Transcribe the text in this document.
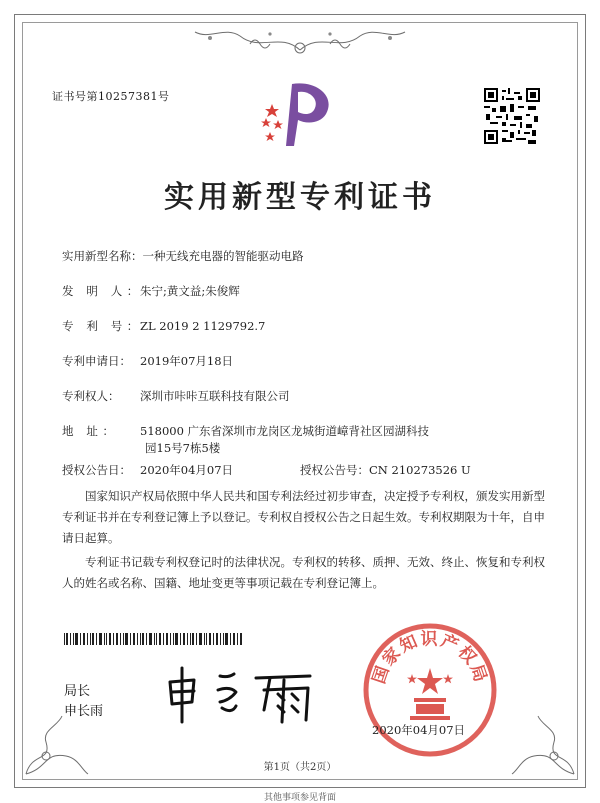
证书号第10257381号
实用新型专利证书
实用新型名称：一种无线充电器的智能驱动电路
发 明 人：朱宁;黄文益;朱俊辉
专 利 号：ZL 2019 2 1129792.7
专利申请日： 2019年07月18日
专利权人： 深圳市咔咔互联科技有限公司
地 址： 518000 广东省深圳市龙岗区龙城街道嶂背社区园湖科技
园15号7栋5楼
授权公告日： 2020年04月07日	授权公告号：CN 210273526 U
国家知识产权局依照中华人民共和国专利法经过初步审查，决定授予专利权，颁发实用新型专利证书并在专利登记簿上予以登记。专利权自授权公告之日起生效。专利权期限为十年，自申请日起算。
专利证书记载专利权登记时的法律状况。专利权的转移、质押、无效、终止、恢复和专利权人的姓名或名称、国籍、地址变更等事项记载在专利登记簿上。
局长
申长雨
国家知识产权局
2020年04月07日
第1页（共2页）
其他事项参见背面
